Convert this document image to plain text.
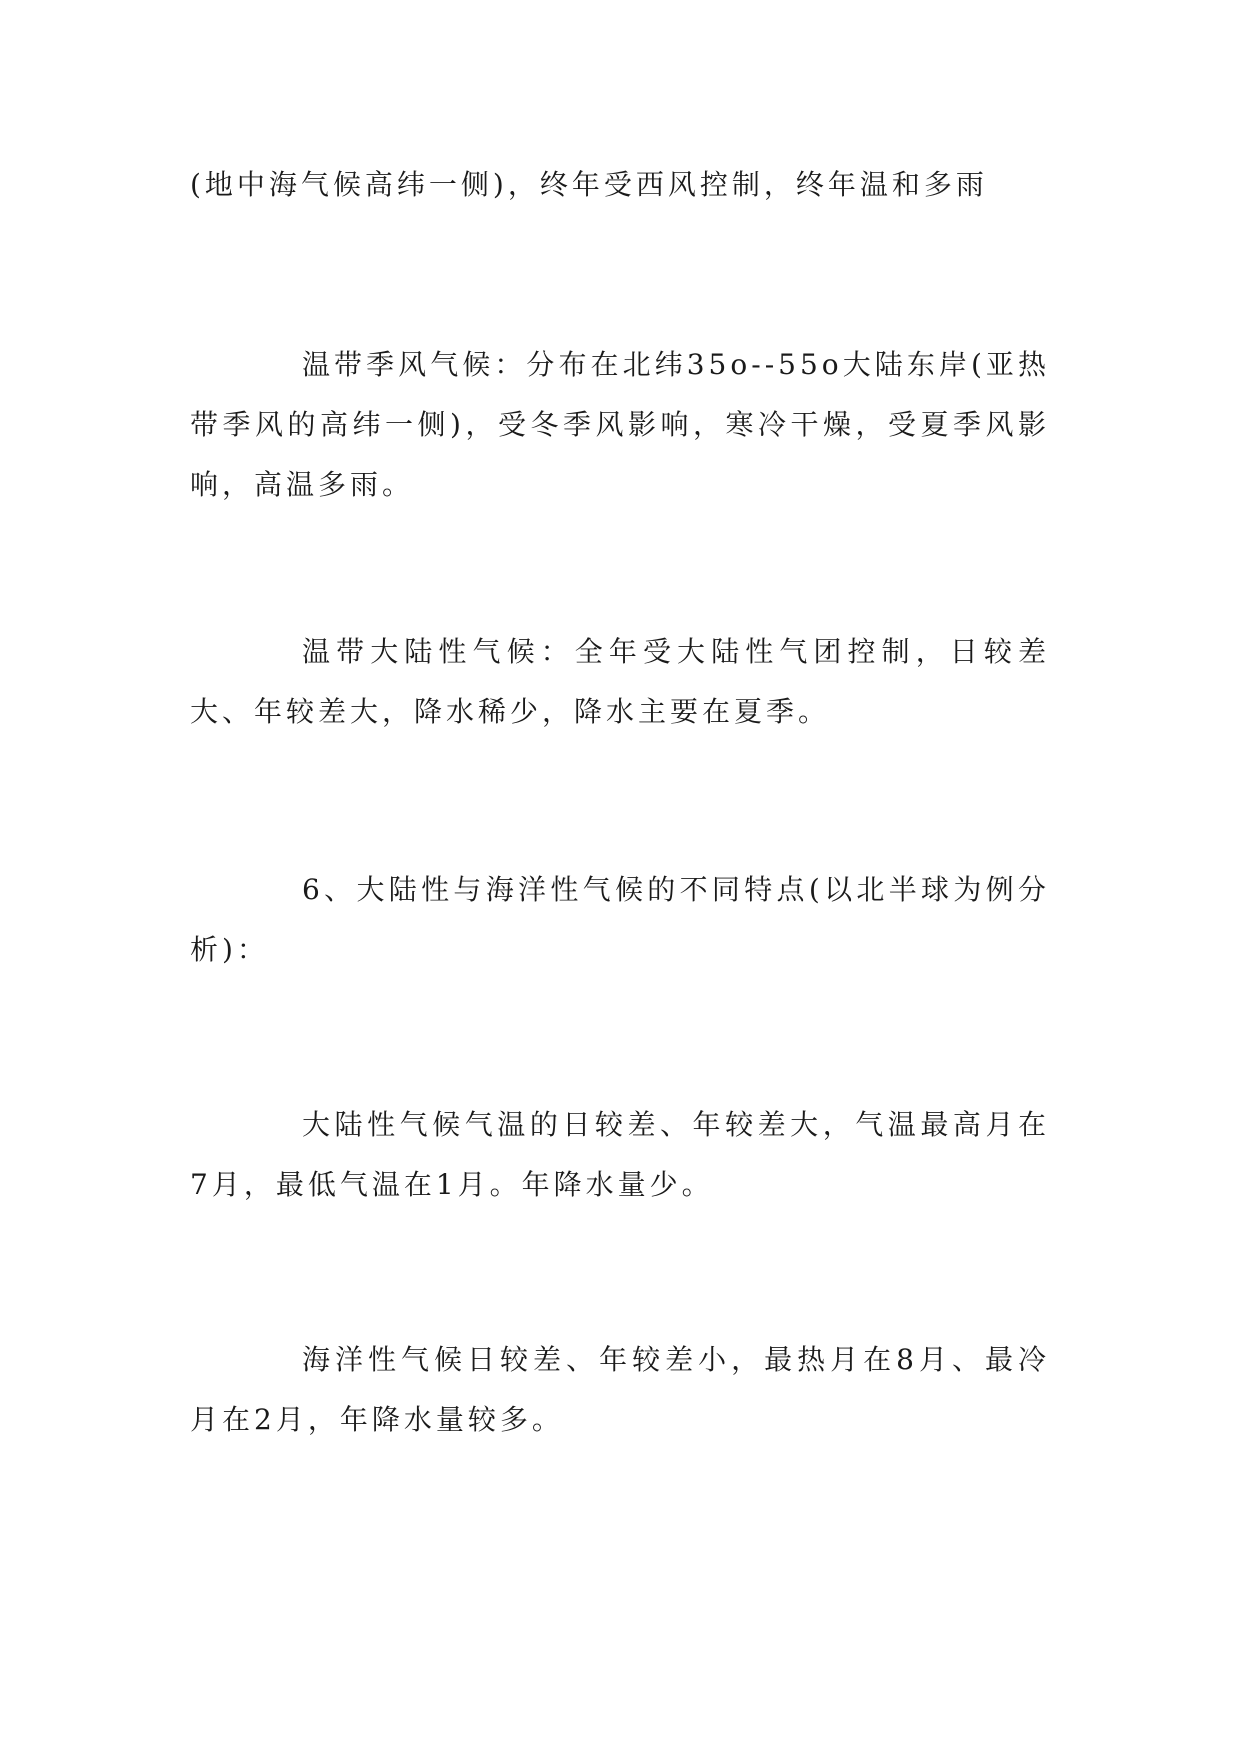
(地中海气候高纬一侧)，终年受西风控制，终年温和多雨

温带季风气候：分布在北纬35o--55o大陆东岸(亚热带季风的高纬一侧)，受冬季风影响，寒冷干燥，受夏季风影响，高温多雨。

温带大陆性气候：全年受大陆性气团控制，日较差大、年较差大，降水稀少，降水主要在夏季。

6、大陆性与海洋性气候的不同特点(以北半球为例分析)：

大陆性气候气温的日较差、年较差大，气温最高月在7月，最低气温在1月。年降水量少。

海洋性气候日较差、年较差小，最热月在8月、最冷月在2月，年降水量较多。
